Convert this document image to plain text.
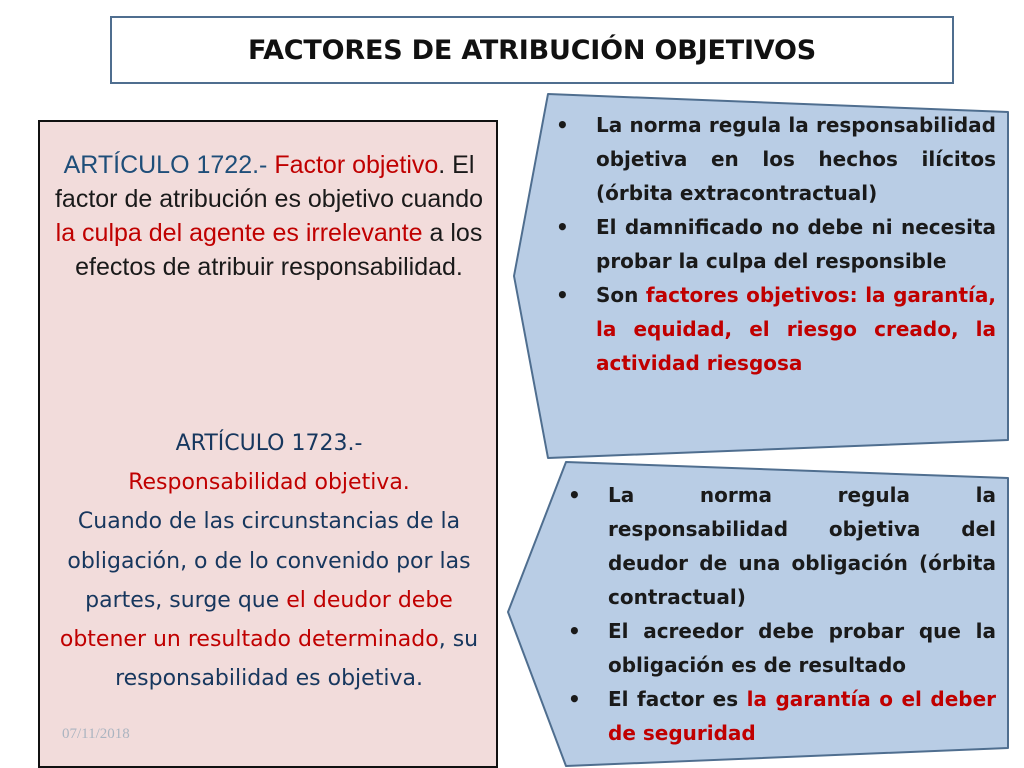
FACTORES DE ATRIBUCIÓN OBJETIVOS
ARTÍCULO 1722.- Factor objetivo. El factor de atribución es objetivo cuando la culpa del agente es irrelevante a los efectos de atribuir responsabilidad.
ARTÍCULO 1723.-
Responsabilidad objetiva.
Cuando de las circunstancias de la obligación, o de lo convenido por las partes, surge que el deudor debe obtener un resultado determinado, su responsabilidad es objetiva.
07/11/2018
• La norma regula la responsabilidad objetiva en los hechos ilícitos (órbita extracontractual)
• El damnificado no debe ni necesita probar la culpa del responsible
• Son factores objetivos: la garantía, la equidad, el riesgo creado, la actividad riesgosa
• La norma regula la responsabilidad objetiva del deudor de una obligación (órbita contractual)
• El acreedor debe probar que la obligación es de resultado
• El factor es la garantía o el deber de seguridad
